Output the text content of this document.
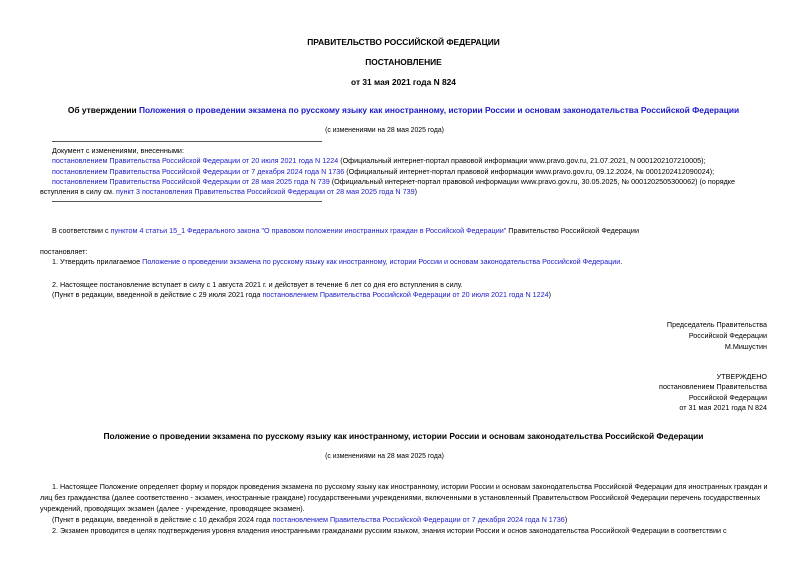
ПРАВИТЕЛЬСТВО РОССИЙСКОЙ ФЕДЕРАЦИИ
ПОСТАНОВЛЕНИЕ
от 31 мая 2021 года N 824
Об утверждении Положения о проведении экзамена по русскому языку как иностранному, истории России и основам законодательства Российской Федерации
(с изменениями на 28 мая 2025 года)
Документ с изменениями, внесенными:
постановлением Правительства Российской Федерации от 20 июля 2021 года N 1224 (Официальный интернет-портал правовой информации www.pravo.gov.ru, 21.07.2021, N 0001202107210005);
постановлением Правительства Российской Федерации от 7 декабря 2024 года N 1736 (Официальный интернет-портал правовой информации www.pravo.gov.ru, 09.12.2024, № 0001202412090024);
постановлением Правительства Российской Федерации от 28 мая 2025 года N 739 (Официальный интернет-портал правовой информации www.pravo.gov.ru, 30.05.2025, № 0001202505300062) (о порядке
вступления в силу см. пункт 3 постановления Правительства Российской Федерации от 28 мая 2025 года N 739)
В соответствии с пунктом 4 статьи 15_1 Федерального закона "О правовом положении иностранных граждан в Российской Федерации" Правительство Российской Федерации
постановляет:
1. Утвердить прилагаемое Положение о проведении экзамена по русскому языку как иностранному, истории России и основам законодательства Российской Федерации.
2. Настоящее постановление вступает в силу с 1 августа 2021 г. и действует в течение 6 лет со дня его вступления в силу.
(Пункт в редакции, введенной в действие с 29 июля 2021 года постановлением Правительства Российской Федерации от 20 июля 2021 года N 1224)
Председатель Правительства
Российской Федерации
М.Мишустин
УТВЕРЖДЕНО
постановлением Правительства
Российской Федерации
от 31 мая 2021 года N 824
Положение о проведении экзамена по русскому языку как иностранному, истории России и основам законодательства Российской Федерации
(с изменениями на 28 мая 2025 года)
1. Настоящее Положение определяет форму и порядок проведения экзамена по русскому языку как иностранному, истории России и основам законодательства Российской Федерации для иностранных граждан и
лиц без гражданства (далее соответственно - экзамен, иностранные граждане) государственными учреждениями, включенными в установленный Правительством Российской Федерации перечень государственных
учреждений, проводящих экзамен (далее - учреждение, проводящее экзамен).
(Пункт в редакции, введенной в действие с 10 декабря 2024 года постановлением Правительства Российской Федерации от 7 декабря 2024 года N 1736)
2. Экзамен проводится в целях подтверждения уровня владения иностранными гражданами русским языком, знания истории России и основ законодательства Российской Федерации в соответствии с
